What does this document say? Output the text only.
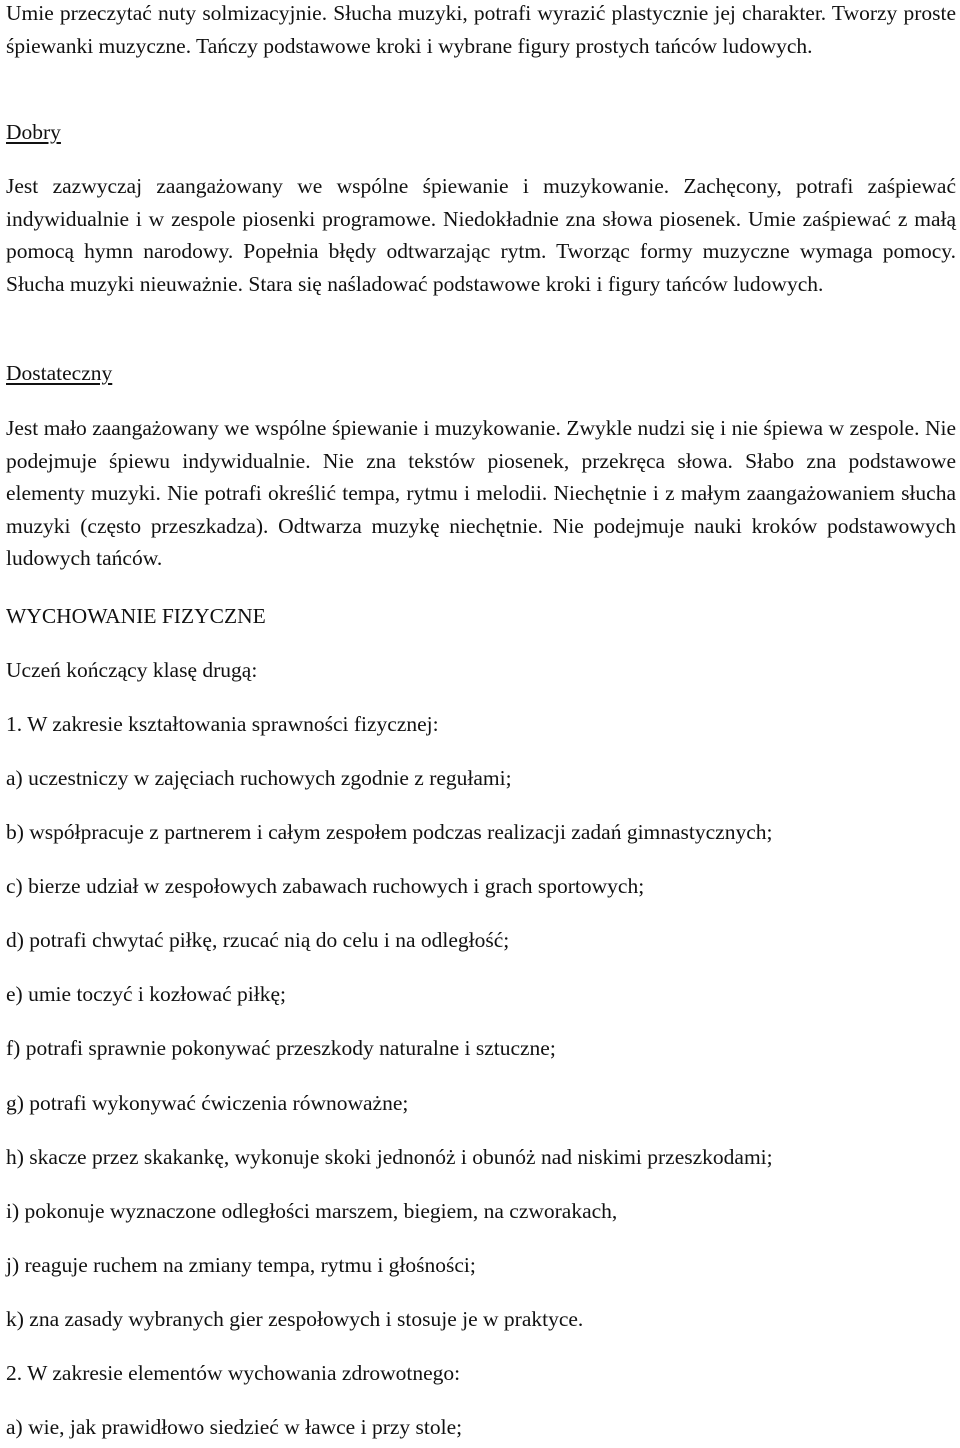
Umie przeczytać nuty solmizacyjnie. Słucha muzyki, potrafi wyrazić plastycznie jej charakter. Tworzy proste śpiewanki muzyczne. Tańczy podstawowe kroki i wybrane figury prostych tańców ludowych.

Dobry

Jest zazwyczaj zaangażowany we wspólne śpiewanie i muzykowanie. Zachęcony, potrafi zaśpiewać indywidualnie i w zespole piosenki programowe. Niedokładnie zna słowa piosenek. Umie zaśpiewać z małą pomocą hymn narodowy. Popełnia błędy odtwarzając rytm. Tworząc formy muzyczne wymaga pomocy. Słucha muzyki nieuważnie. Stara się naśladować podstawowe kroki i figury tańców ludowych.

Dostateczny

Jest mało zaangażowany we wspólne śpiewanie i muzykowanie. Zwykle nudzi się i nie śpiewa w zespole. Nie podejmuje śpiewu indywidualnie. Nie zna tekstów piosenek, przekręca słowa. Słabo zna podstawowe elementy muzyki. Nie potrafi określić tempa, rytmu i melodii. Niechętnie i z małym zaangażowaniem słucha muzyki (często przeszkadza). Odtwarza muzykę niechętnie. Nie podejmuje nauki kroków podstawowych ludowych tańców.

WYCHOWANIE FIZYCZNE

Uczeń kończący klasę drugą:

1. W zakresie kształtowania sprawności fizycznej:

a) uczestniczy w zajęciach ruchowych zgodnie z regułami;

b) współpracuje z partnerem i całym zespołem podczas realizacji zadań gimnastycznych;

c) bierze udział w zespołowych zabawach ruchowych i grach sportowych;

d) potrafi chwytać piłkę, rzucać nią do celu i na odległość;

e) umie toczyć i kozłować piłkę;

f) potrafi sprawnie pokonywać przeszkody naturalne i sztuczne;

g) potrafi wykonywać ćwiczenia równoważne;

h) skacze przez skakankę, wykonuje skoki jednonóż i obunóż nad niskimi przeszkodami;

i) pokonuje wyznaczone odległości marszem, biegiem, na czworakach,

j) reaguje ruchem na zmiany tempa, rytmu i głośności;

k) zna zasady wybranych gier zespołowych i stosuje je w praktyce.

2. W zakresie elementów wychowania zdrowotnego:

a) wie, jak prawidłowo siedzieć w ławce i przy stole;
